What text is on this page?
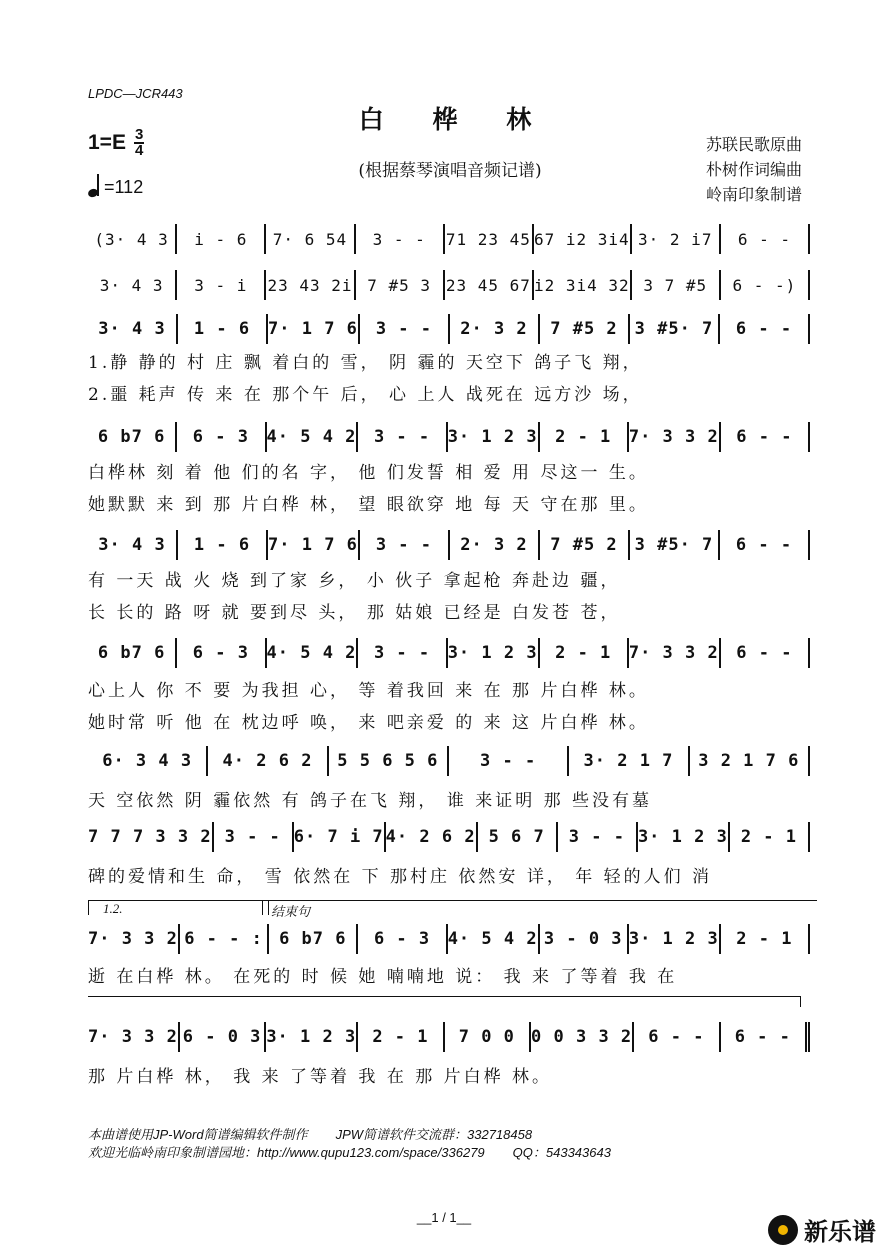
LPDC—JCR443
白 桦 林
(根据蔡琴演唱音频记谱)
$1=E \frac{3}{4}$
=112
苏联民歌原曲
朴树作词编曲
岭南印象制谱
(3· 4 3	i - 6	7· 6 54	3 - -	71 23 45 67 i2 3i4 3· 2 i7	6 - -
3· 4 3	3 - i	23 43 2i 7 #5 3 23 45 67 i2 3i4 32 3 7 #5	6 - -)
3· 4 3	1 - 6	7· 1 7 6	3 - -	2· 3 2	7 #5 2 3 #5· 7	6 - -
1.静 静的 村 庄 飘 着白的 雪， 阴 霾的 天空下 鸽子飞 翔，
2.噩 耗声 传 来 在 那个午 后， 心 上人 战死在 远方沙 场，
6 b7 6	6 - 3	4· 5 4 2	3 - -	3· 1 2 3	2 - 1	7· 3 3 2	6 - -
白桦林 刻 着 他 们的名 字， 他 们发誓 相 爱 用 尽这一 生。
她默默 来 到 那 片白桦 林， 望 眼欲穿 地 每 天 守在那 里。
3· 4 3	1 - 6	7· 1 7 6	3 - -	2· 3 2	7 #5 2 3 #5· 7	6 - -
有 一天 战 火 烧 到了家 乡， 小 伙子 拿起枪 奔赴边 疆，
长 长的 路 呀 就 要到尽 头， 那 姑娘 已经是 白发苍 苍，
6 b7 6	6 - 3	4· 5 4 2	3 - -	3· 1 2 3	2 - 1	7· 3 3 2	6 - -
心上人 你 不 要 为我担 心， 等 着我回 来 在 那 片白桦 林。
她时常 听 他 在 枕边呼 唤， 来 吧亲爱 的 来 这 片白桦 林。
6· 3 4 3	4· 2 6 2	5 5 6 5 6	3 - -	3· 2 1 7	3 2 1 7 6
天 空依然 阴 霾依然 有 鸽子在飞 翔， 谁 来证明 那 些没有墓
7 7 7 3 3 2 3 - - 6· 7 i 7 4· 2 6 2 5 6 7	3 - - 3· 1 2 3 2 - 1
碑的爱情和生 命， 雪 依然在 下 那村庄 依然安 详， 年 轻的人们 消
1.2.	结束句
7· 3 3 2 6 - - : 6 b7 6	6 - 3	4· 5 4 2 3 - 0 3 3· 1 2 3	2 - 1
逝 在白桦 林。 在死的 时 候 她 喃喃地 说： 我 来 了等着 我 在
7· 3 3 2 6 - 0 3 3· 1 2 3 2 - 1	7 0 0 0 0 3 3 2 6 - -	6 - -
那 片白桦 林， 我 来 了等着 我 在 那 片白桦 林。
本曲谱使用JP-Word简谱编辑软件制作 JPW简谱软件交流群：332718458
欢迎光临岭南印象制谱园地：http://www.qupu123.com/space/336279 QQ：543343643
__1 / 1__
新乐谱
